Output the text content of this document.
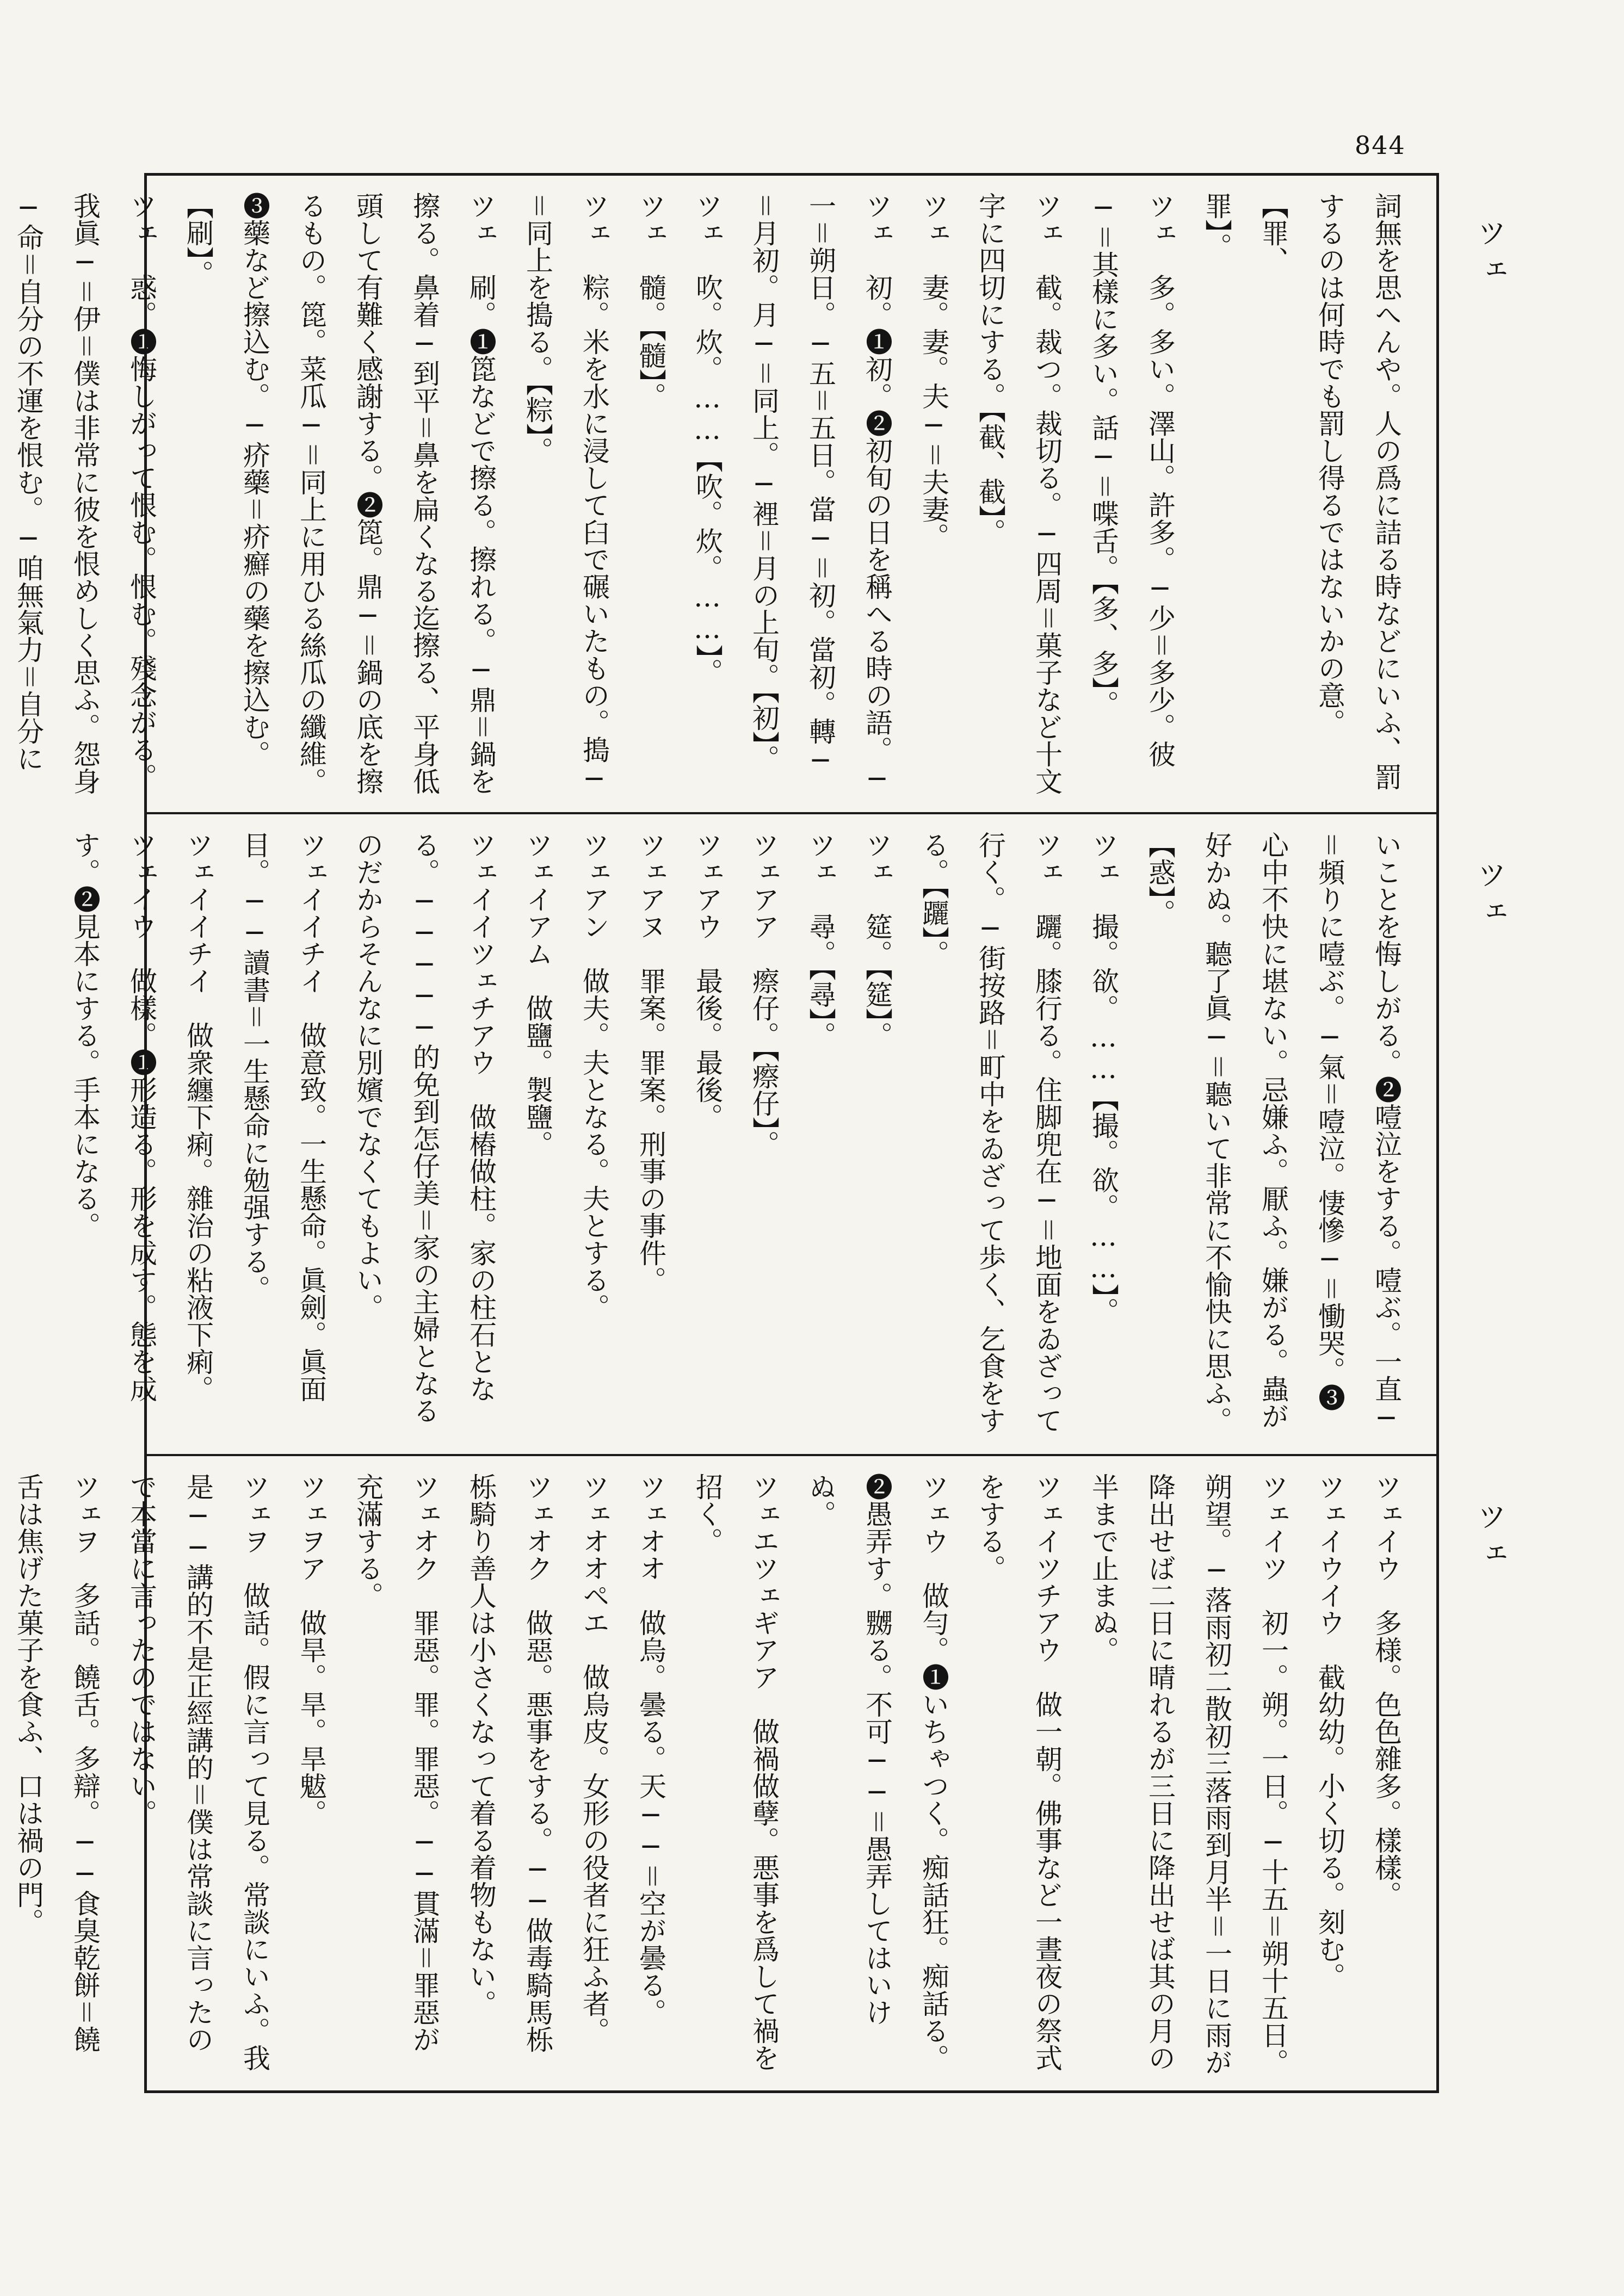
844
ツェ
ツェ
ツェ
詞無を思へんや。人の爲に詰る時などにいふ、罰するのは何時でも罰し得るではないかの意。【罪、
罪】。
ツェ　多。多い。澤山。許多。─少＝多少。彼─＝其樣に多い。話─＝喋舌。【多、多】。
ツェ　截。裁つ。裁切る。─四周＝菓子など十文字に四切にする。【截、截】。
ツェ　妻。妻。夫─＝夫妻。
ツェ　初。❶初。❷初旬の日を稱へる時の語。─一＝朔日。─五＝五日。當─＝初。當初。轉─＝月初。月─＝同上。─裡＝月の上旬。【初】。
ツェ　吹。炊。……【吹。炊。……】。
ツェ　髓。【髓】。
ツェ　粽。米を水に浸して臼で碾いたもの。搗─＝同上を搗る。【粽】。
ツェ　刷。❶箆などで擦る。擦れる。─鼎＝鍋を擦る。鼻着─到平＝鼻を扁くなる迄擦る、平身低頭して有難く感謝する。❷箆。鼎─＝鍋の底を擦るもの。箆。菜瓜─＝同上に用ひる絲瓜の纖維。❸藥など擦込む。─疥藥＝疥癬の藥を擦込む。【刷】。
ツェ　惑。❶悔しがって恨む。恨む。殘念がる。我眞─＝伊＝僕は非常に彼を恨めしく思ふ。怨身─命＝自分の不運を恨む。─咱無氣力＝自分に
いことを悔しがる。❷噎泣をする。噎ぶ。一直─＝頻りに噎ぶ。─氣＝噎泣。悽慘─＝慟哭。❸心中不快に堪ない。忌嫌ふ。厭ふ。嫌がる。蟲が好かぬ。聽了眞─＝聽いて非常に不愉快に思ふ。【惑】。
ツェ　撮。欲。……【撮。欲。……】。
ツェ　躧。膝行る。住脚兜在─＝地面をゐざって行く。─街按路＝町中をゐざって歩く、乞食をする。【躧】。
ツェ　筵。【筵】。
ツェ　尋。【尋】。
ツェアア　瘵仔。【瘵仔】。
ツェアウ　最後。最後。
ツェアヌ　罪案。罪案。刑事の事件。
ツェアン　做夫。夫となる。夫とする。
ツェイアム　做鹽。製鹽。
ツェイイツェチアウ　做樁做柱。家の柱石となる。─────的免到怎仔美＝家の主婦となるのだからそんなに別嬪でなくてもよい。
ツェイイチイ　做意致。一生懸命。眞劍。眞面目。──讀書＝一生懸命に勉强する。
ツェイイチイ　做衆纏下痢。雜治の粘液下痢。
ツェイウ　做樣。❶形造る。形を成す。態を成す。❷見本にする。手本になる。
ツェイウ　多様。色色雜多。樣樣。
ツェイウイウ　截幼幼。小く切る。刻む。
ツェイツ　初一。朔。一日。─十五＝朔十五日。朔望。─落雨初二散初三落雨到月半＝一日に雨が降出せば二日に晴れるが三日に降出せば其の月の半まで止まぬ。
ツェイツチアウ　做一朝。佛事など一晝夜の祭式をする。
ツェウ　做勻。❶いちゃつく。痴話狂。痴話る。❷愚弄す。嬲る。不可──＝愚弄してはいけぬ。
ツェエツェギアア　做禍做孽。悪事を爲して禍を招く。
ツェオオ　做烏。曇る。天──＝空が曇る。
ツェオオペエ　做烏皮。女形の役者に狂ふ者。
ツェオク　做惡。悪事をする。──做毒騎馬栎栎騎り善人は小さくなって着る着物もない。
ツェオク　罪惡。罪。罪惡。──貫滿＝罪惡が充滿する。
ツェヲア　做旱。旱。旱魃。
ツェヲ　做話。假に言って見る。常談にいふ。我是──講的不是正經講的＝僕は常談に言ったので本當に言ったのではない。
ツェヲ　多話。饒舌。多辯。──食臭乾餅＝饒舌は焦げた菓子を食ふ、口は禍の門。
